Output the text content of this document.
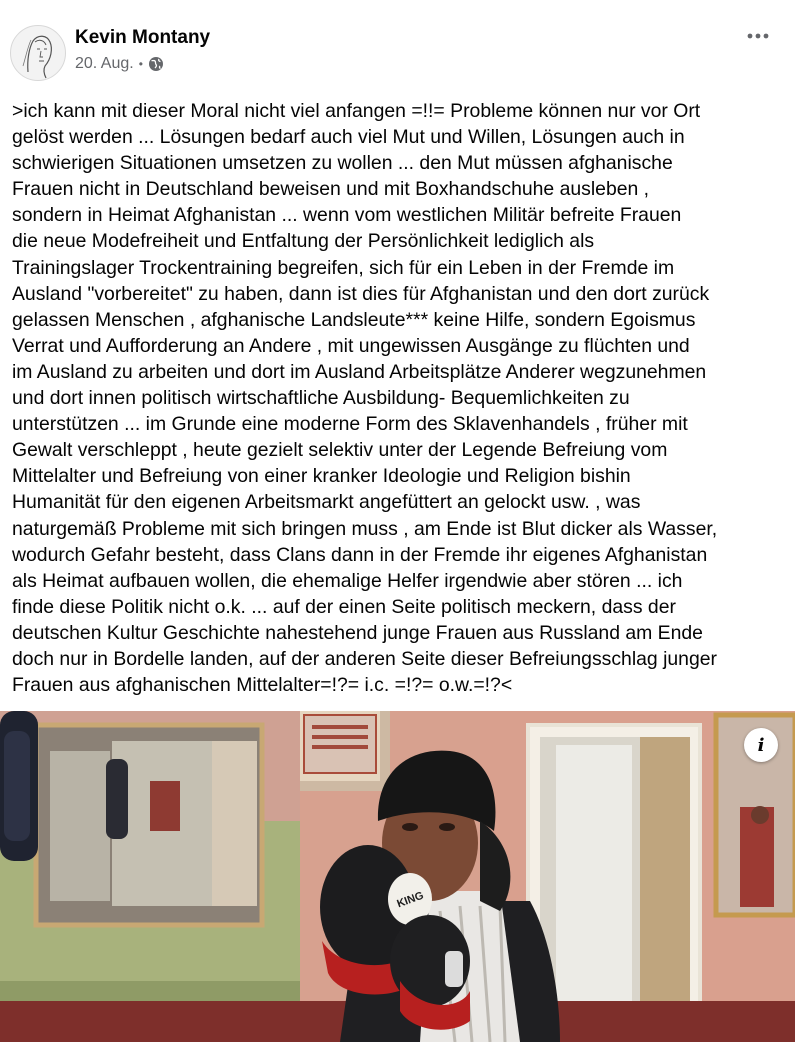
Kevin Montany
20. Aug. •
>ich kann mit dieser Moral nicht viel anfangen =!!= Probleme können nur vor Ort
gelöst werden ... Lösungen bedarf auch viel Mut und Willen, Lösungen auch in
schwierigen Situationen umsetzen zu wollen ... den Mut müssen afghanische
Frauen nicht in Deutschland beweisen und mit Boxhandschuhe ausleben ,
sondern in Heimat Afghanistan ... wenn vom westlichen Militär befreite Frauen
die neue Modefreiheit und Entfaltung der Persönlichkeit lediglich als
Trainingslager Trockentraining begreifen, sich für ein Leben in der Fremde im
Ausland "vorbereitet" zu haben, dann ist dies für Afghanistan und den dort zurück
gelassen Menschen , afghanische Landsleute*** keine Hilfe, sondern Egoismus
Verrat und Aufforderung an Andere , mit ungewissen Ausgänge zu flüchten und
im Ausland zu arbeiten und dort im Ausland Arbeitsplätze Anderer wegzunehmen
und dort innen politisch wirtschaftliche Ausbildung- Bequemlichkeiten zu
unterstützen ... im Grunde eine moderne Form des Sklavenhandels , früher mit
Gewalt verschleppt , heute gezielt selektiv unter der Legende Befreiung vom
Mittelalter und Befreiung von einer kranker Ideologie und Religion bishin
Humanität für den eigenen Arbeitsmarkt angefüttert an gelockt usw. , was
naturgemäß Probleme mit sich bringen muss , am Ende ist Blut dicker als Wasser,
wodurch Gefahr besteht, dass Clans dann in der Fremde ihr eigenes Afghanistan
als Heimat aufbauen wollen, die ehemalige Helfer irgendwie aber stören ... ich
finde diese Politik nicht o.k. ... auf der einen Seite politisch meckern, dass der
deutschen Kultur Geschichte nahestehend junge Frauen aus Russland am Ende
doch nur in Bordelle landen, auf der anderen Seite dieser Befreiungsschlag junger
Frauen aus afghanischen Mittelalter=!?= i.c. =!?= o.w.=!?<
KING
i
